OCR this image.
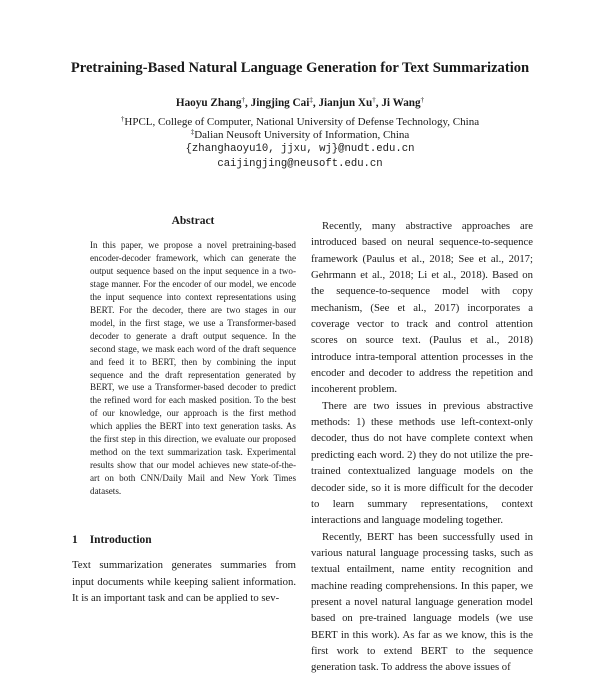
Pretraining-Based Natural Language Generation for Text Summarization
Haoyu Zhang†, Jingjing Cai‡, Jianjun Xu†, Ji Wang†
†HPCL, College of Computer, National University of Defense Technology, China
‡Dalian Neusoft University of Information, China
{zhanghaoyu10, jjxu, wj}@nudt.edu.cn
caijingjing@neusoft.edu.cn
Abstract

In this paper, we propose a novel pretraining-based encoder-decoder framework, which can generate the output sequence based on the input sequence in a two-stage manner. For the encoder of our model, we encode the input sequence into context representations using BERT. For the decoder, there are two stages in our model, in the first stage, we use a Transformer-based decoder to generate a draft output sequence. In the second stage, we mask each word of the draft sequence and feed it to BERT, then by combining the input sequence and the draft representation generated by BERT, we use a Transformer-based decoder to predict the refined word for each masked position. To the best of our knowledge, our approach is the first method which applies the BERT into text generation tasks. As the first step in this direction, we evaluate our proposed method on the text summarization task. Experimental results show that our model achieves new state-of-the-art on both CNN/Daily Mail and New York Times datasets.

1 Introduction

Text summarization generates summaries from input documents while keeping salient information. It is an important task and can be applied to sev-

Recently, many abstractive approaches are introduced based on neural sequence-to-sequence framework (Paulus et al., 2018; See et al., 2017; Gehrmann et al., 2018; Li et al., 2018). Based on the sequence-to-sequence model with copy mechanism, (See et al., 2017) incorporates a coverage vector to track and control attention scores on source text. (Paulus et al., 2018) introduce intra-temporal attention processes in the encoder and decoder to address the repetition and incoherent problem.

There are two issues in previous abstractive methods: 1) these methods use left-context-only decoder, thus do not have complete context when predicting each word. 2) they do not utilize the pre-trained contextualized language models on the decoder side, so it is more difficult for the decoder to learn summary representations, context interactions and language modeling together.

Recently, BERT has been successfully used in various natural language processing tasks, such as textual entailment, name entity recognition and machine reading comprehensions. In this paper, we present a novel natural language generation model based on pre-trained language models (we use BERT in this work). As far as we know, this is the first work to extend BERT to the sequence generation task. To address the above issues of
